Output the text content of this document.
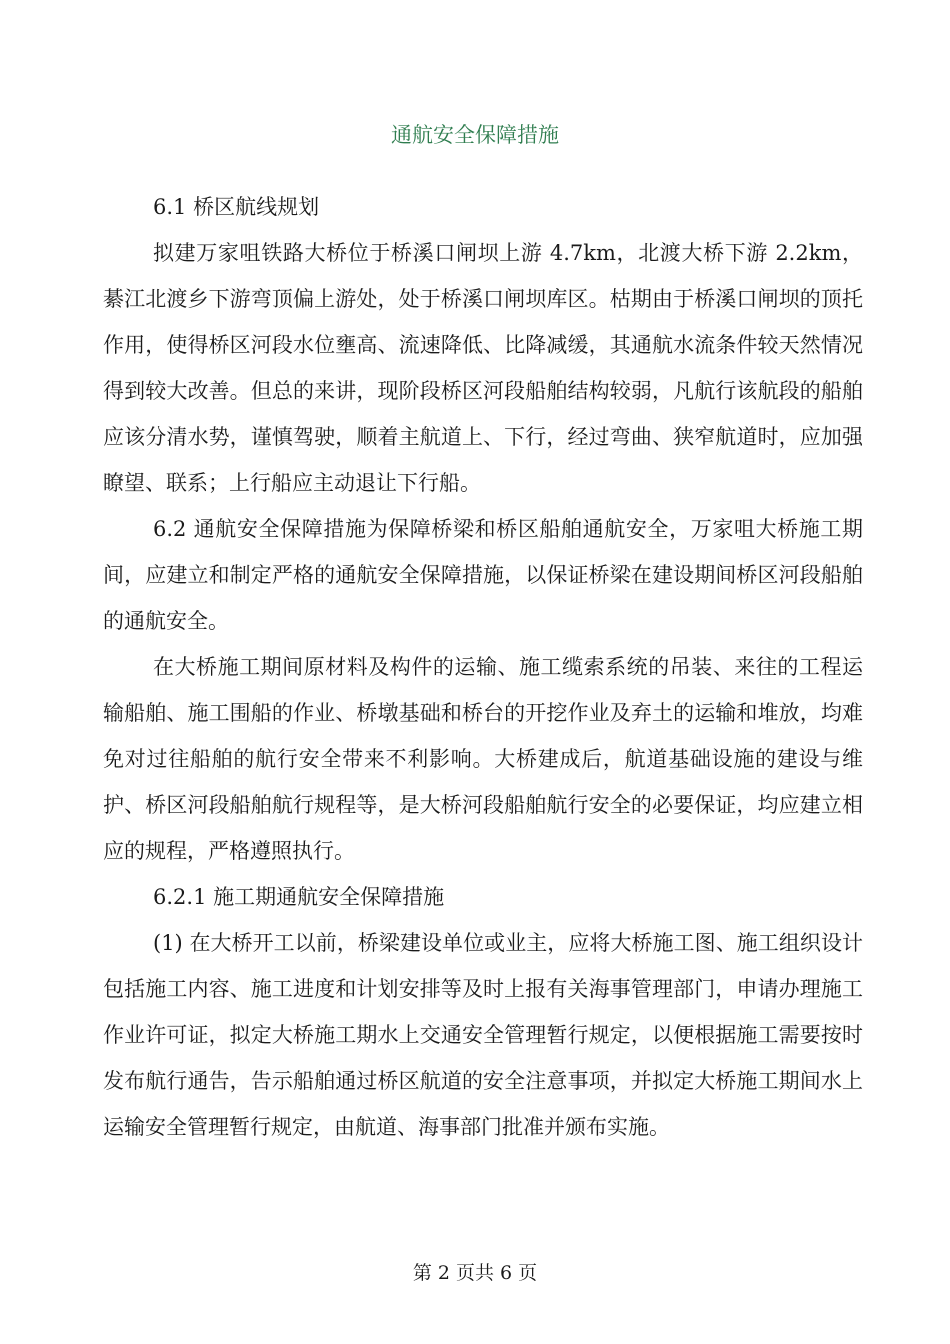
通航安全保障措施

6.1 桥区航线规划

拟建万家咀铁路大桥位于桥溪口闸坝上游 4.7km，北渡大桥下游 2.2km，綦江北渡乡下游弯顶偏上游处，处于桥溪口闸坝库区。枯期由于桥溪口闸坝的顶托作用，使得桥区河段水位壅高、流速降低、比降减缓，其通航水流条件较天然情况得到较大改善。但总的来讲，现阶段桥区河段船舶结构较弱，凡航行该航段的船舶应该分清水势，谨慎驾驶，顺着主航道上、下行，经过弯曲、狭窄航道时，应加强瞭望、联系；上行船应主动退让下行船。

6.2 通航安全保障措施为保障桥梁和桥区船舶通航安全，万家咀大桥施工期间，应建立和制定严格的通航安全保障措施，以保证桥梁在建设期间桥区河段船舶的通航安全。

在大桥施工期间原材料及构件的运输、施工缆索系统的吊装、来往的工程运输船舶、施工围船的作业、桥墩基础和桥台的开挖作业及弃土的运输和堆放，均难免对过往船舶的航行安全带来不利影响。大桥建成后，航道基础设施的建设与维护、桥区河段船舶航行规程等，是大桥河段船舶航行安全的必要保证，均应建立相应的规程，严格遵照执行。

6.2.1 施工期通航安全保障措施

(1) 在大桥开工以前，桥梁建设单位或业主，应将大桥施工图、施工组织设计包括施工内容、施工进度和计划安排等及时上报有关海事管理部门，申请办理施工作业许可证，拟定大桥施工期水上交通安全管理暂行规定，以便根据施工需要按时发布航行通告，告示船舶通过桥区航道的安全注意事项，并拟定大桥施工期间水上运输安全管理暂行规定，由航道、海事部门批准并颁布实施。

第 2 页共 6 页
